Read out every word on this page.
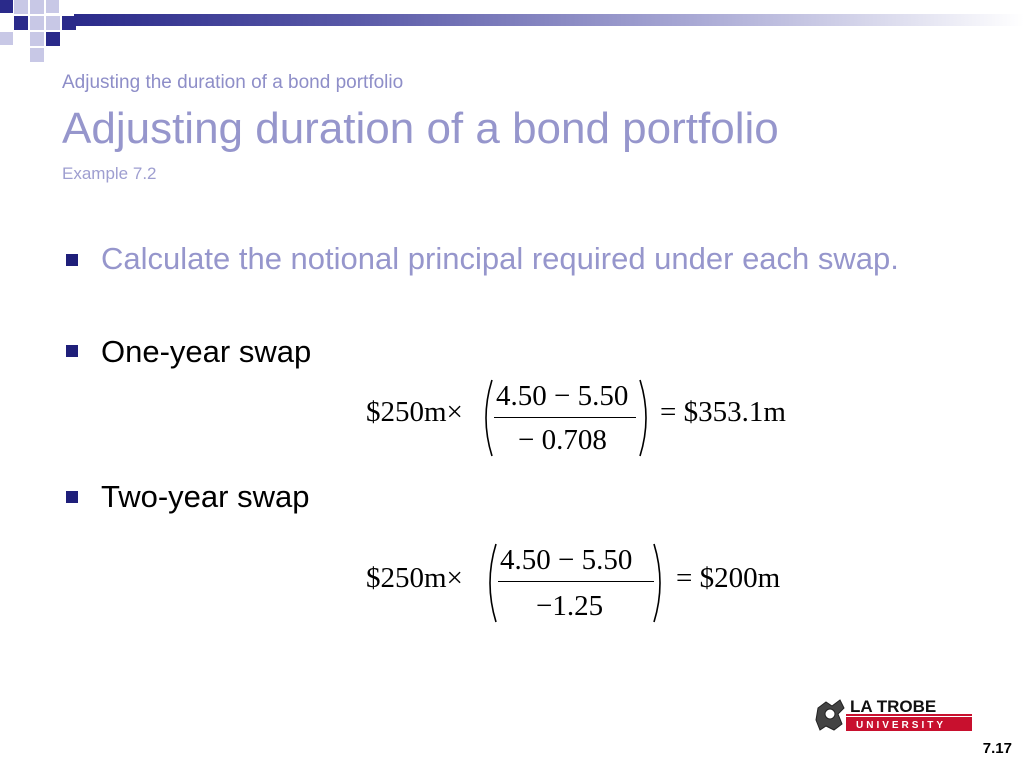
Adjusting the duration of a bond portfolio
Adjusting duration of a bond portfolio
Example 7.2
Calculate the notional principal required under each swap.
One-year swap
Two-year swap
$250m× 4.50 − 5.50
− 0.708
= $353.1m
$250m×
4.50 − 5.50
−1.25
= $200m
LA TROBE
UNIVERSITY
7.17
